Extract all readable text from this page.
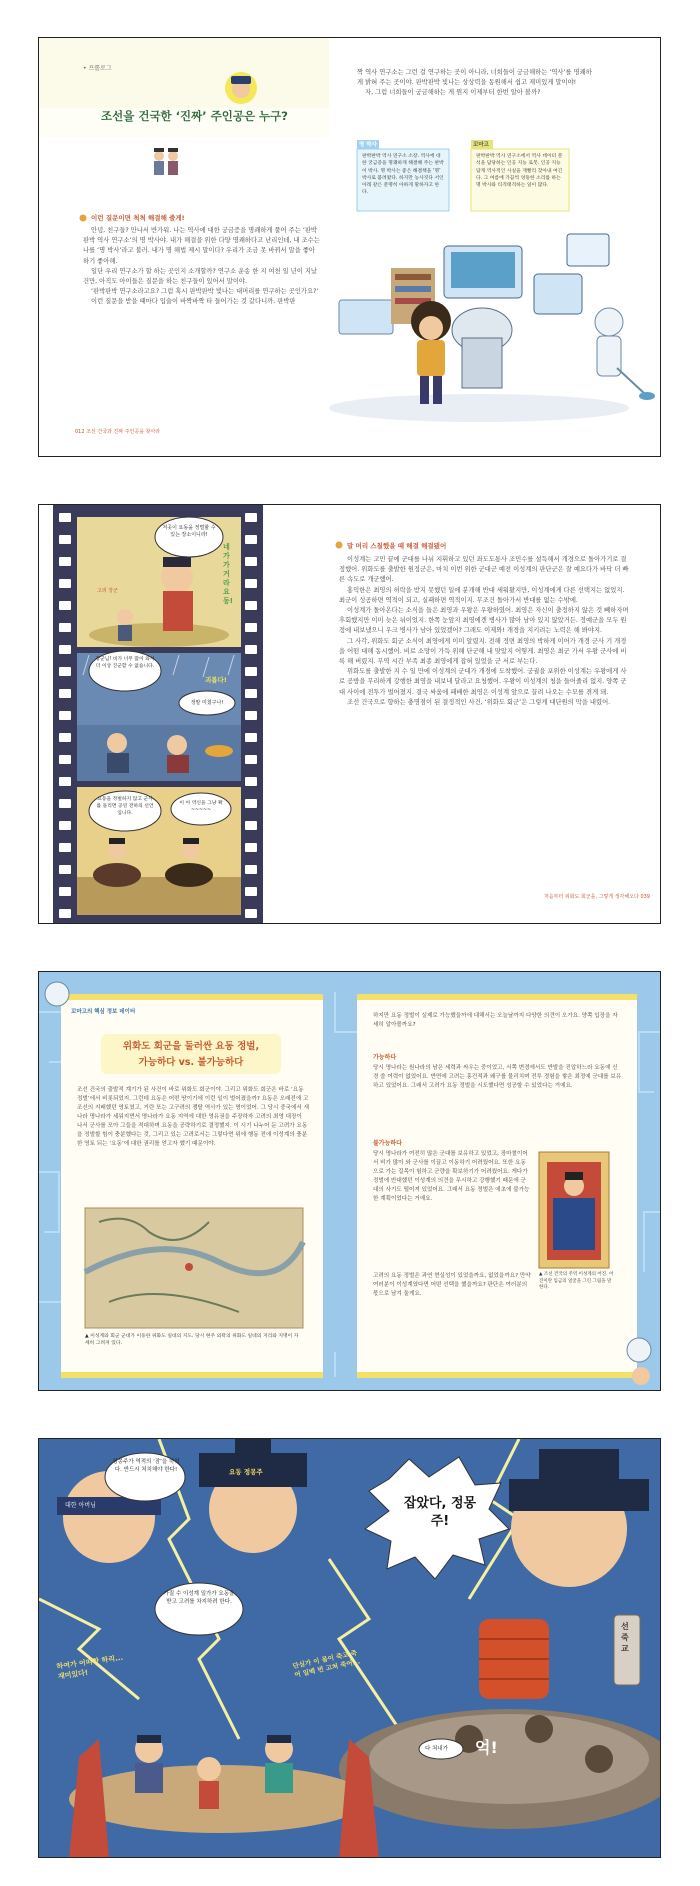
• 프롤로그
조선을 건국한 ‘진짜’ 주인공은 누구?
이런 질문이면 척척 해결해 줄게!

안녕, 친구들? 만나서 반가워. 나는 역사에 대한 궁금증을 명쾌하게 풀어 주는 ‘판박판박 역사 연구소’의 명 박사야. 내가 해결을 위한 다양 명쾌하다고 난리인데, 내 조수는 나를 ‘명 박사’라고 불러. 내가 명 해법 제시 말이다? 우리가 조금 못 바꿔서 말을 좋아하기 좋아해.

일단 우리 연구소가 할 하는 곳인지 소개할까? 연구소 운송 한 지 여천 일 년이 지났건만, 아직도 아이들은 질문을 하는 친구들이 있어서 말이야.

‘판박판박 연구소라고요? 그럼 혹시 판박판박 빛나는 대머리를 연구하는 곳인가요?’

이런 질문을 받을 때마다 입술이 바짝바짝 타 들어가는 것 같다니까. 판박판

짝 역사 연구소는 그런 걸 연구하는 곳이 아니라, 너희들이 궁금해하는 ‘역사’를 명쾌하게 밝혀 주는 곳이야. 판박판박 빛나는 상상력을 동원해서 쉽고 재미있게 말이야!

자, 그럼 너희들이 궁금해하는 게 뭔지 이제부터 한번 알아 볼까?

명 박사
판박판박 역사 연구소 소장. 역사에 대한 궁금증을 명쾌하게 해결해 주는 판박이 박사. 명 박사는 좋은 해결책을 ‘명’ 박사로 불려왔다. 하지만 농사짓다 서인 아래 같은 분명히 아하게 말하자고 한다.
꼬마고
판박판박 역사 연구소에서 역사 데이터 분석을 담당하는 인공 지능 로봇. 인공 지능답게 역사적인 사실을 재빨리 찾아내 여긴다. 그 여름에 가끔씩 엉뚱한 소리를 하는 명 박사와 티격태격하는 일이 많다.
012 조선 건국과 진짜 주인공을 찾아라
저곳이 요동을 정벌할 수 있는 장소이니라!
네가 가거라 요동!
고려 장군
장군님! 비가 너무 많이 와서 더 이상 진군할 수 없습니다.
괴롭다!
정말 미쳤구나!
요동을 정벌하지 않고 군사를 돌리면 공연 전하의 선언입니다.
이 아 역신을 그냥 확~~~~~
말 머리 스칠했을 때 해결 해결됐어

이성계는 고민 끝에 군대를 나뉘 지휘하고 있던 좌도도통사 조민수를 설득해서 개경으로 돌아가기로 결정했어. 위화도를 출발한 원정군은, 마치 이번 위한 군대군 예전 이성계의 판단군은 잘 예요다가 바닥 더 빠른 속도로 개군했어.

홍익한은 최영의 허락을 받지 못했던 일에 분개해 반대 세워왔지만, 이성계에게 다른 선택지는 없었지. 최군이 성공하면 역적이 되고, 실패하면 역적이지. 무조건 돌아가서 반대를 없는 수밖에.

이성계가 돌아온다는 소식을 들은 최영과 우왕은 우왕하였어. 최영은 자신이 출정하지 않은 것 빼하자며 후회했지만 이미 늦은 뉘이었지. 한쪽 눈앞지 최영에겐 병사가 많아 남아 있지 않았거든. 정예군을 모두 원정에 내보냈으니 우크 병사가 남아 있었겠어? 그래도 이제와! 개경을 지키려는 노력은 해 봐야지.

그 사각, 위화도 회군 소식이 최영에게 이미 알렸지. 전해 정면 최영의 박하게 이어가 개경 군사 기 개경을 어떤 대해 동시했어. 비로 소망이 가득 위해 단군해 내 맞았지 어떻게. 최영은 최군 가서 우왕 군사에 비록 해 버렸지. 무역 시간 부족 최종 최영에게 잡혀 있었을 군 서로 부는다.

위화도를 출발한 지 수 일 만에 이성계의 군대가 개경에 도착했어. 궁궐을 포위한 이성계는 우왕에게 사로 공방을 무리하게 강행한 최영을 내보내 달라고 요청했어. 우왕이 이성계의 청을 들어줄리 없지. 양쪽 군대 사이에 전투가 벌어졌지. 결국 싸움에 패배한 최영은 이성계 앞으로 끌려 나오는 수모를 겪게 돼.

조선 건국으로 향하는 충명점이 된 결정적인 사건, ‘위화도 회군’은 그렇게 대단원의 막을 내렸어.

처음부터 위화도 회군을, 그렇게 생각해오다 039
꼬마고의 핵심 정보 데이터
위화도 회군을 둘러싼 요동 정벌,
가능하다 vs. 불가능하다
조선 건국의 출발적 계기가 된 사건이 바로 위화도 회군이야. 그리고 위화도 회군은 바로 ‘요동 정벌’에서 비롯되었지. 그런데 요동은 어떤 땅이기에 이런 일이 벌어졌을까? 요동은 오래전에 고조선의 지배했던 영토였고, 거란 또는 고구려의 쟁탈 역사가 있는 명이었어. 그 당시 중국에서 새 나라 명나라가 세워지면서 명나라가 요동 지역에 대한 영유권을 주장하자 고려의 최영 대장이 나서 군사를 모아 그들을 적대하며 요동을 공략하기로 결정했지. 이 시기 나누어 둔 고려가 요동을 정벌할 힘이 충분했다는 것, 그리고 있는 고려로서는 그렇다면 위에 행동 전에 이성계의 충분한 영토 되는 ‘요동’에 대한 권리를 얻고자 했기 때문이야.
▲ 이성계와 회군 군대가 이동한 위화도 일대의 지도. 당시 현주 외곽의 위화도 일대의 지리와 지명이 자세히 그려져 있다.
하지만 요동 정벌이 실제로 가능했을까에 대해서는 오늘날까지 다양한 의견이 오가요. 양쪽 입장을 자세히 알아볼까요?
가능하다
당시 명나라는 원나라의 남은 세력과 싸우는 중이었고, 서쪽 변경에서도 반발을 진압하느라 요동에 신경 쓸 여력이 없었어요. 반면에 고려는 홍건적과 왜구를 물리치며 전투 경험을 쌓은 최정예 군대를 보유하고 있었어요. 그래서 고려가 요동 정벌을 시도했다면 성공할 수 있었다는 거예요.
불가능하다
당시 명나라가 여전히 많은 군대를 보유하고 있었고, 장마철이어서 비가 많이 와 군사를 이끌고 이동하기 어려웠어요. 또한 요동으로 가는 길목이 험하고 군량을 확보하기가 어려웠어요. 게다가 정벌에 반대했던 이성계의 의견을 무시하고 강행했기 때문에 군대의 사기도 떨어져 있었어요. 그래서 요동 정벌은 애초에 불가능한 계획이었다는 거예요.
고려의 요동 정벌은 과연 현실성이 있었을까요, 없었을까요? 만약 여러분이 이성계였다면 어떤 선택을 했을까요? 판단은 여러분의 몫으로 남겨 둘게요.
▲ 조선 건국의 주역 이성계의 어진. 어진이란 임금의 얼굴을 그린 그림을 말한다.
정몽주가 역적의 ‘잠’을 하였다. 반드시 처치해야 한다!
대한 아버님
요동 정몽주
가질 수 이성계 일가가 요동을 받고 고려를 차지하려 한다.
잡았다, 정몽주!
하여가 어떠한 하리... 재미있다!
단심가 이 몸이 죽고 죽어 일백 번 고쳐 죽어...
다 쳐내가 억!
선죽교
